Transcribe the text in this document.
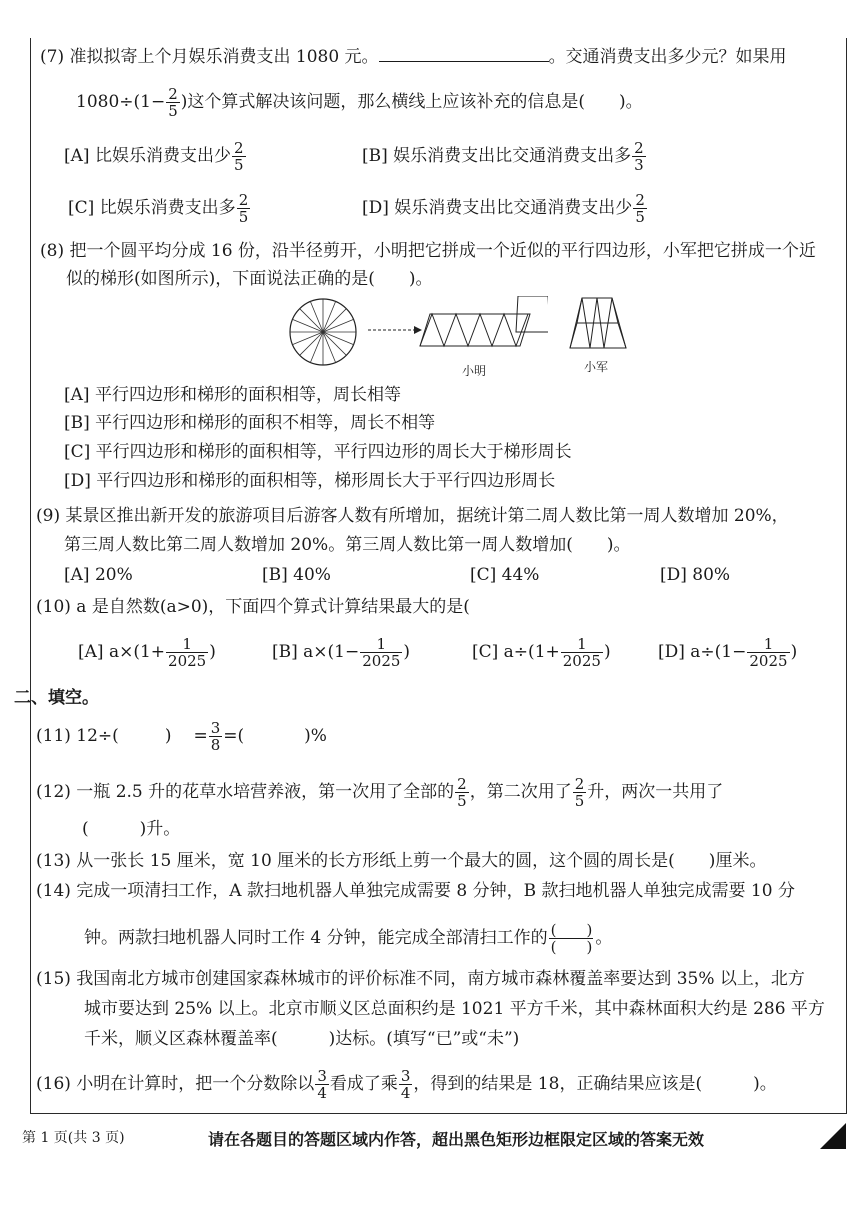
(7) 准拟拟寄上个月娱乐消费支出 1080 元。	。交通消费支出多少元？如果用
$1080\div(1- \frac{2}{5}$ )这个算式解决该问题，那么横线上应该补充的信息是(　　)。
[A] 比娱乐消费支出少 $\frac{2}{5}$	[B] 娱乐消费支出比交通消费支出多 $\frac{2}{3}$
[C] 比娱乐消费支出多 $\frac{2}{5}$	[D] 娱乐消费支出比交通消费支出少 $\frac{2}{5}$
(8) 把一个圆平均分成 16 份，沿半径剪开，小明把它拼成一个近似的平行四边形，小军把它拼成一个近
似的梯形(如图所示)，下面说法正确的是(　　)。
小明	小军
[A] 平行四边形和梯形的面积相等，周长相等
[B] 平行四边形和梯形的面积不相等，周长不相等
[C] 平行四边形和梯形的面积相等，平行四边形的周长大于梯形周长
[D] 平行四边形和梯形的面积相等，梯形周长大于平行四边形周长
(9) 某景区推出新开发的旅游项目后游客人数有所增加，据统计第二周人数比第一周人数增加 20%，
第三周人数比第二周人数增加 20%。第三周人数比第一周人数增加(　　)。
[A] 20%	[B] 40%	[C] 44%	[D] 80%
(10) a 是自然数(a>0)，下面四个算式计算结果最大的是(
[A] $a\times(1+ \frac{1}{2025}$ )	[B] $a\times(1- \frac{1}{2025}$ )	[C] $a\div(1+ \frac{1}{2025}$ )	[D] $a\div(1- \frac{1}{2025}$ )
二、填空。
(11) 12÷(	) = $\frac{3}{8}$ =(	)%
(12) 一瓶 2.5 升的花草水培营养液，第一次用了全部的 $\frac{2}{5}$ ，第二次用了 $\frac{2}{5}$ 升，两次一共用了
(　　　)升。
(13) 从一张长 15 厘米，宽 10 厘米的长方形纸上剪一个最大的圆，这个圆的周长是(　　)厘米。
(14) 完成一项清扫工作，A 款扫地机器人单独完成需要 8 分钟，B 款扫地机器人单独完成需要 10 分
钟。两款扫地机器人同时工作 4 分钟，能完成全部清扫工作的 $\frac{​( )}{( )}$ 。
(15) 我国南北方城市创建国家森林城市的评价标准不同，南方城市森林覆盖率要达到 35% 以上，北方
城市要达到 25% 以上。北京市顺义区总面积约是 1021 平方千米，其中森林面积大约是 286 平方
千米，顺义区森林覆盖率(　　　)达标。(填写“已”或“未”)
(16) 小明在计算时，把一个分数除以 $\frac{3}{4}$ 看成了乘 $\frac{3}{4}$ ，得到的结果是 18，正确结果应该是(　　　)。
第 1 页(共 3 页)	请在各题目的答题区域内作答，超出黑色矩形边框限定区域的答案无效
